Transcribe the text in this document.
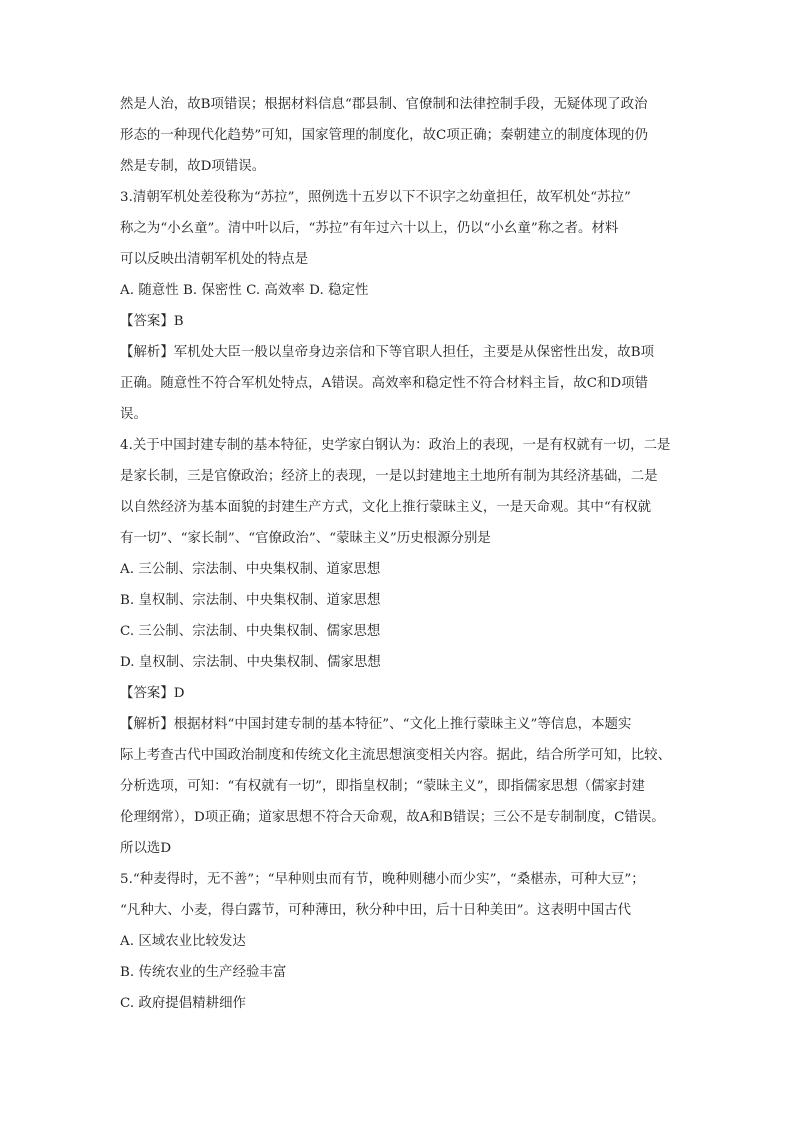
然是人治，故B项错误；根据材料信息“郡县制、官僚制和法律控制手段，无疑体现了政治
形态的一种现代化趋势”可知，国家管理的制度化，故C项正确；秦朝建立的制度体现的仍
然是专制，故D项错误。
3.清朝军机处差役称为“苏拉”，照例选十五岁以下不识字之幼童担任，故军机处“苏拉”
称之为“小幺童”。清中叶以后，“苏拉”有年过六十以上，仍以“小幺童”称之者。材料
可以反映出清朝军机处的特点是
A. 随意性 B. 保密性 C. 高效率 D. 稳定性
【答案】B
【解析】军机处大臣一般以皇帝身边亲信和下等官职人担任，主要是从保密性出发，故B项
正确。随意性不符合军机处特点，A错误。高效率和稳定性不符合材料主旨，故C和D项错
误。
4.关于中国封建专制的基本特征，史学家白钢认为：政治上的表现，一是有权就有一切，二是
是家长制，三是官僚政治；经济上的表现，一是以封建地主土地所有制为其经济基础，二是
以自然经济为基本面貌的封建生产方式，文化上推行蒙昧主义，一是天命观。其中“有权就
有一切”、“家长制”、“官僚政治”、“蒙昧主义”历史根源分别是
A. 三公制、宗法制、中央集权制、道家思想
B. 皇权制、宗法制、中央集权制、道家思想
C. 三公制、宗法制、中央集权制、儒家思想
D. 皇权制、宗法制、中央集权制、儒家思想
【答案】D
【解析】根据材料“中国封建专制的基本特征”、“文化上推行蒙昧主义”等信息，本题实
际上考查古代中国政治制度和传统文化主流思想演变相关内容。据此，结合所学可知，比较、
分析选项，可知：“有权就有一切”，即指皇权制；“蒙昧主义”，即指儒家思想（儒家封建
伦理纲常），D项正确；道家思想不符合天命观，故A和B错误；三公不是专制制度，C错误。
所以选D
5.“种麦得时，无不善”；“早种则虫而有节，晚种则穗小而少实”，“桑椹赤，可种大豆”；
“凡种大、小麦，得白露节，可种薄田，秋分种中田，后十日种美田”。这表明中国古代
A. 区域农业比较发达
B. 传统农业的生产经验丰富
C. 政府提倡精耕细作
